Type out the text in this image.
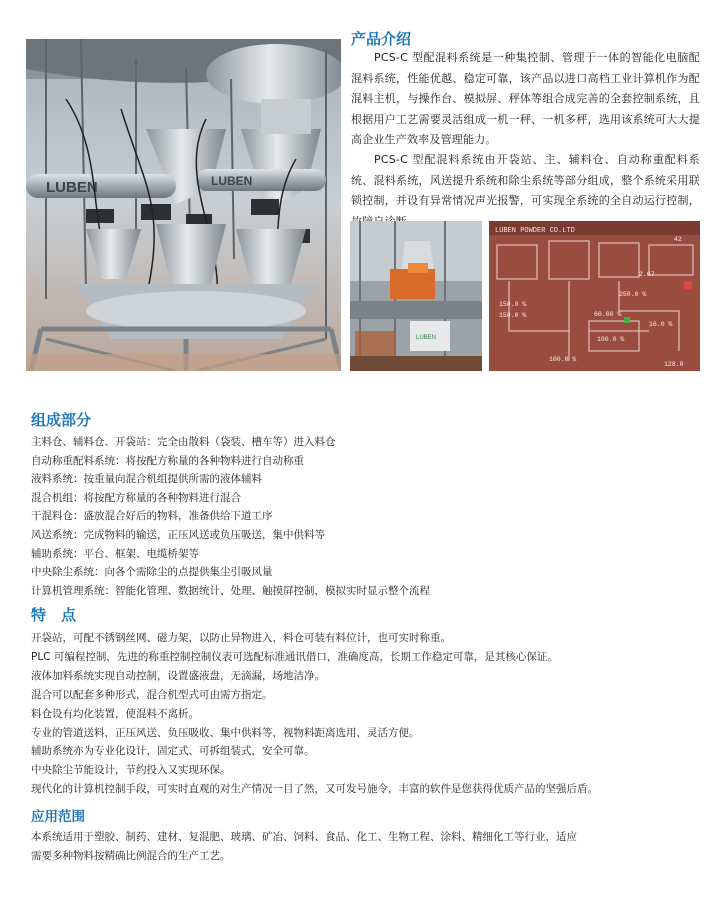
LUBEN	LUBEN
产品介绍
PCS-C 型配混料系统是一种集控制、管理于一体的智能化电脑配混料系统，性能优越、稳定可靠，该产品以进口高档工业计算机作为配混料主机，与操作台、模拟屏、秤体等组合成完善的全套控制系统，且根据用户工艺需要灵活组成一机一秤、一机多秤，选用该系统可大大提高企业生产效率及管理能力。
PCS-C 型配混料系统由开袋站、主、辅料仓、自动称重配料系统、混料系统，风送提升系统和除尘系统等部分组成，整个系统采用联锁控制，并设有异常情况声光报警，可实现全系统的全自动运行控制，
LUBEN
LUBEN POWDER CO.LTD
150.0 %
150.0 %
250.0 %
100.0 %
100.0 %
60.00 %
2.67
42
16.0 %
128.0
组成部分
主料仓、辅料仓、开袋站：完全由散料（袋装、槽车等）进入料仓
自动称重配料系统：将按配方称量的各种物料进行自动称重
液料系统：按重量向混合机组提供所需的液体辅料
混合机组：将按配方称量的各种物料进行混合
干混料仓：盛放混合好后的物料，准备供给下道工序
风送系统：完成物料的输送，正压风送或负压吸送，集中供料等
辅助系统：平台、框架、电缆桥架等
中央除尘系统：向各个需除尘的点提供集尘引吸风量
计算机管理系统：智能化管理、数据统计、处理、触摸屏控制，模拟实时显示整个流程
特　点
开袋站，可配不锈钢丝网、磁力架，以防止异物进入，料仓可装有料位计，也可实时称重。
PLC 可编程控制，先进的称重控制控制仪表可选配标准通讯借口，准确度高，长期工作稳定可靠，是其核心保证。
液体加料系统实现自动控制，设置盛液盘，无滴漏，场地洁净。
混合可以配套多种形式，混合机型式可由需方指定。
料仓设有均化装置，使混料不离析。
专业的管道送料，正压风送、负压吸收、集中供料等，视物料距离选用，灵活方便。
辅助系统亦为专业化设计，固定式、可拆组装式，安全可靠。
中央除尘节能设计，节约投入又实现环保。
现代化的计算机控制手段，可实时直观的对生产情况一目了然，又可发号施令，丰富的软件是您获得优质产品的坚强后盾。
应用范围
本系统适用于塑胶、制药、建材、复混肥、玻璃、矿冶、饲料、食品、化工、生物工程、涂料、精细化工等行业，适应
需要多种物料按精确比例混合的生产工艺。
